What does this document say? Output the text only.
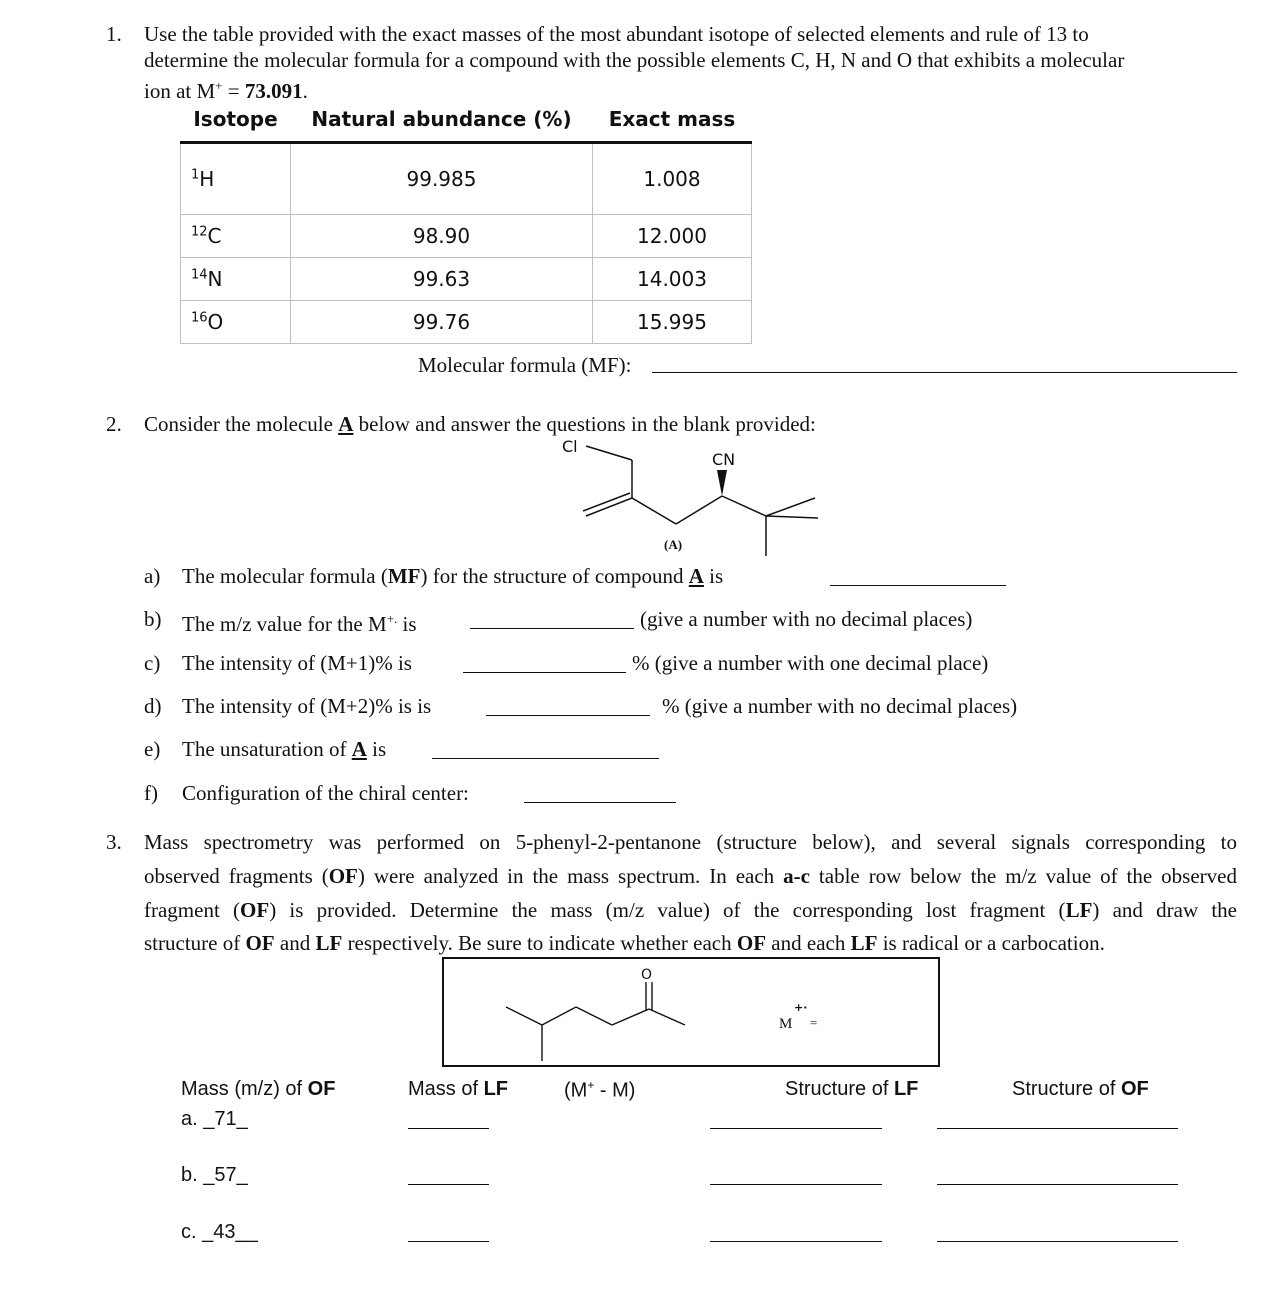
1.	Use the table provided with the exact masses of the most abundant isotope of selected elements and rule of 13 to
determine the molecular formula for a compound with the possible elements C, H, N and O that exhibits a molecular
ion at M+ = 73.091.
Isotope	Natural abundance (%)	Exact mass
$^1$H	99.985	1.008
$^{12}$C	98.90	12.000
$^{14}$N	99.63	14.003
$^{16}$O	99.76	15.995
Molecular formula (MF):
2.	Consider the molecule A below and answer the questions in the blank provided:
Cl
CN
(A)
a) The molecular formula (MF) for the structure of compound A is
b) The m/z value for the M+. is	(give a number with no decimal places)
c) The intensity of (M+1)% is	% (give a number with one decimal place)
d) The intensity of (M+2)% is is	% (give a number with no decimal places)
e) The unsaturation of A is
f) Configuration of the chiral center:
3.	Mass spectrometry was performed on 5-phenyl-2-pentanone (structure below), and several signals corresponding to
observed fragments (OF) were analyzed in the mass spectrum. In each a-c table row below the m/z value of the observed
fragment (OF) is provided. Determine the mass (m/z value) of the corresponding lost fragment (LF) and draw the
structure of OF and LF respectively. Be sure to indicate whether each OF and each LF is radical or a carbocation.
O
M
+·
=
Mass (m/z) of OF	Mass of LF	(M+ - M)	Structure of LF	Structure of OF
a. _71_
b. _57_
c. _43__
